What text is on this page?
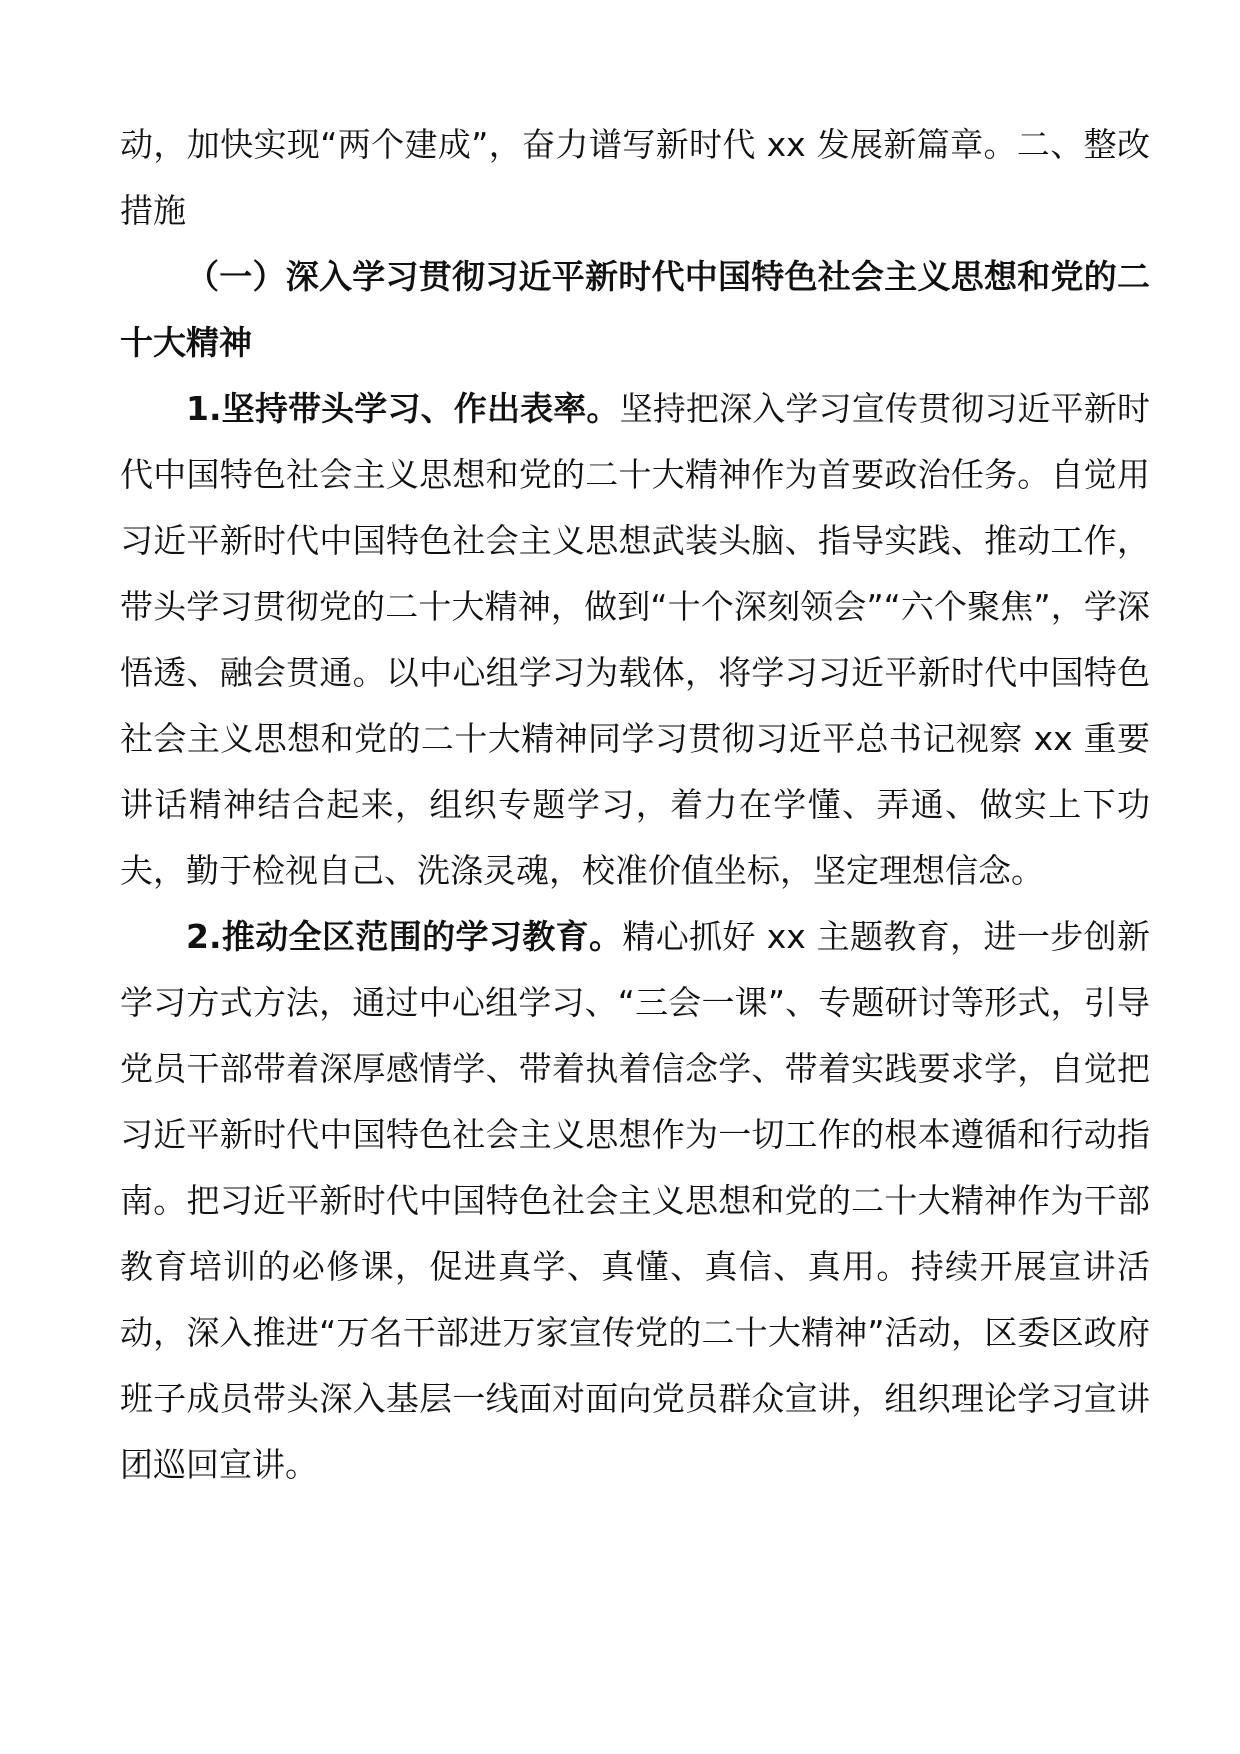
动，加快实现“两个建成”，奋力谱写新时代 xx 发展新篇章。二、整改措施

（一）深入学习贯彻习近平新时代中国特色社会主义思想和党的二十大精神

1.坚持带头学习、作出表率。坚持把深入学习宣传贯彻习近平新时代中国特色社会主义思想和党的二十大精神作为首要政治任务。自觉用习近平新时代中国特色社会主义思想武装头脑、指导实践、推动工作，带头学习贯彻党的二十大精神，做到“十个深刻领会”“六个聚焦”，学深悟透、融会贯通。以中心组学习为载体，将学习习近平新时代中国特色社会主义思想和党的二十大精神同学习贯彻习近平总书记视察 xx 重要讲话精神结合起来，组织专题学习，着力在学懂、弄通、做实上下功夫，勤于检视自己、洗涤灵魂，校准价值坐标，坚定理想信念。

2.推动全区范围的学习教育。精心抓好 xx 主题教育，进一步创新学习方式方法，通过中心组学习、“三会一课”、专题研讨等形式，引导党员干部带着深厚感情学、带着执着信念学、带着实践要求学，自觉把习近平新时代中国特色社会主义思想作为一切工作的根本遵循和行动指南。把习近平新时代中国特色社会主义思想和党的二十大精神作为干部教育培训的必修课，促进真学、真懂、真信、真用。持续开展宣讲活动，深入推进“万名干部进万家宣传党的二十大精神”活动，区委区政府班子成员带头深入基层一线面对面向党员群众宣讲，组织理论学习宣讲团巡回宣讲。
